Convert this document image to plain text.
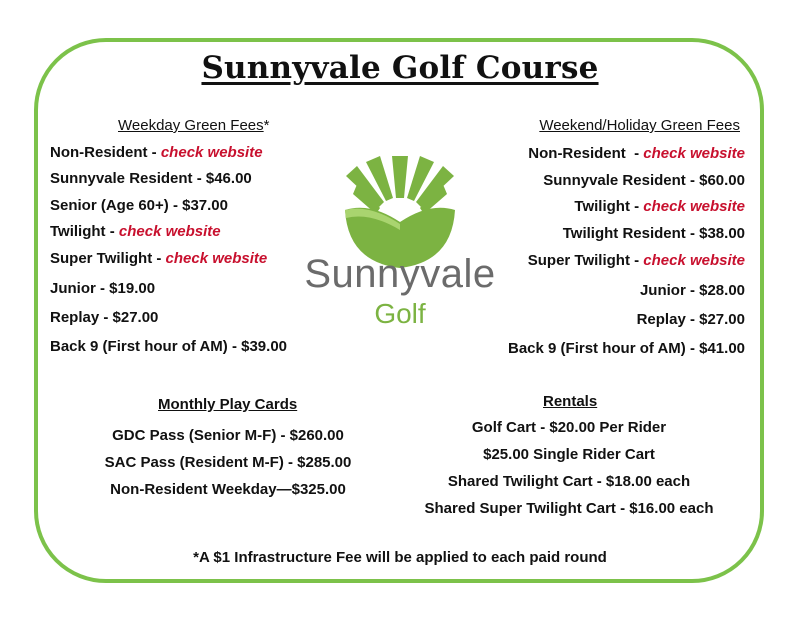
Sunnyvale Golf Course
Weekday Green Fees*
Non-Resident - check website
Sunnyvale Resident - $46.00
Senior (Age 60+) - $37.00
Twilight - check website
Super Twilight - check website
Junior - $19.00
Replay - $27.00
Back 9 (First hour of AM) - $39.00
Weekend/Holiday Green Fees
Non-Resident  - check website
Sunnyvale Resident - $60.00
Twilight - check website
Twilight Resident - $38.00
Super Twilight - check website
Junior - $28.00
Replay - $27.00
Back 9 (First hour of AM) - $41.00
Sunnyvale
Golf
Monthly Play Cards
GDC Pass (Senior M-F) - $260.00
SAC Pass (Resident M-F) - $285.00
Non-Resident Weekday—$325.00
Rentals
Golf Cart - $20.00 Per Rider
$25.00 Single Rider Cart
Shared Twilight Cart - $18.00 each
Shared Super Twilight Cart - $16.00 each
*A $1 Infrastructure Fee will be applied to each paid round
